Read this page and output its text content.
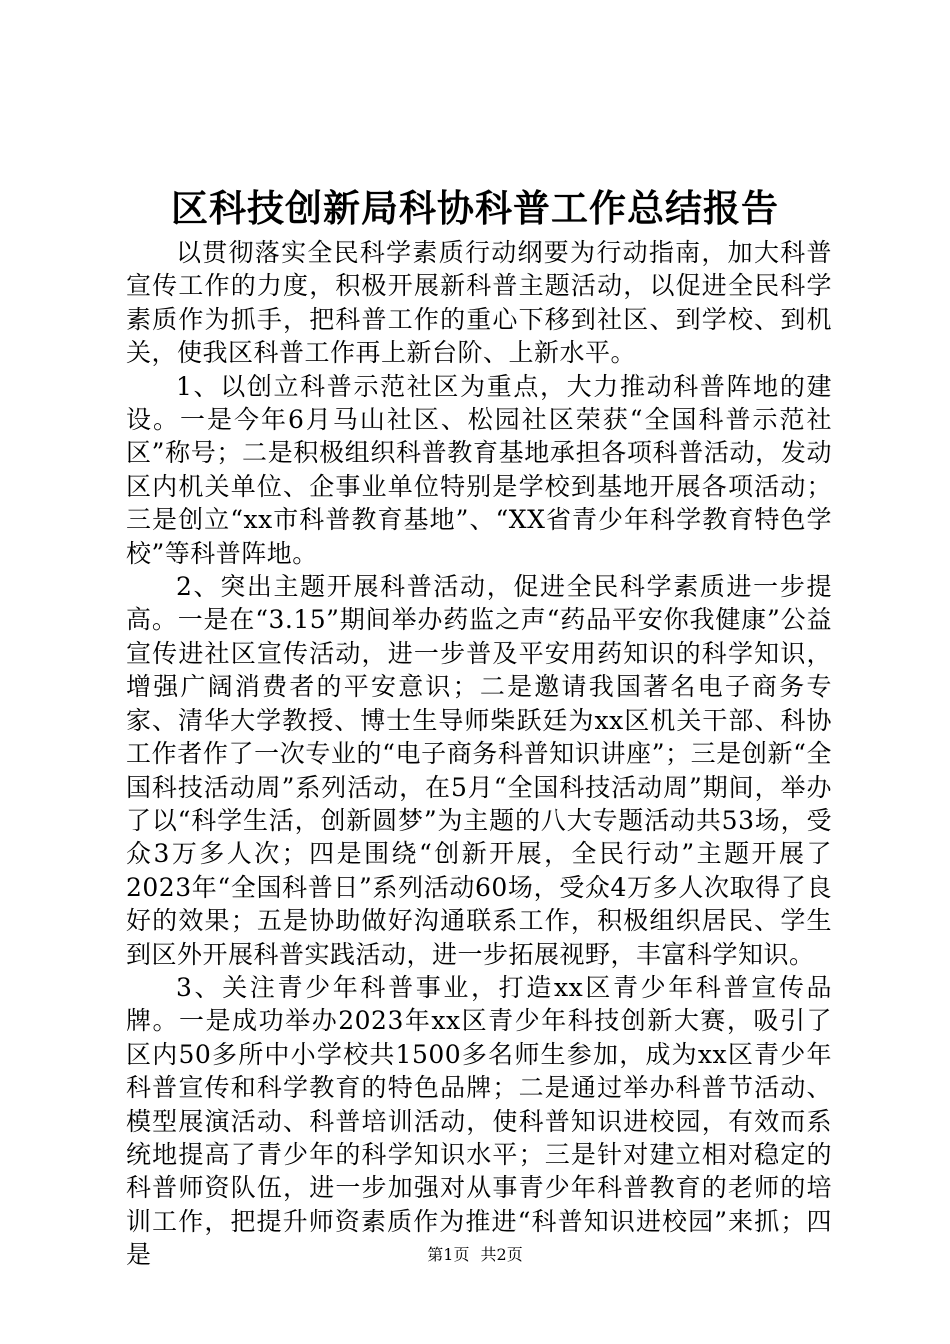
区科技创新局科协科普工作总结报告

以贯彻落实全民科学素质行动纲要为行动指南，加大科普宣传工作的力度，积极开展新科普主题活动，以促进全民科学素质作为抓手，把科普工作的重心下移到社区、到学校、到机关，使我区科普工作再上新台阶、上新水平。

1、以创立科普示范社区为重点，大力推动科普阵地的建设。一是今年6月马山社区、松园社区荣获“全国科普示范社区”称号；二是积极组织科普教育基地承担各项科普活动，发动区内机关单位、企事业单位特别是学校到基地开展各项活动；三是创立“xx市科普教育基地”、“XX省青少年科学教育特色学校”等科普阵地。

2、突出主题开展科普活动，促进全民科学素质进一步提高。一是在“3.15”期间举办药监之声“药品平安你我健康”公益宣传进社区宣传活动，进一步普及平安用药知识的科学知识，增强广阔消费者的平安意识；二是邀请我国著名电子商务专家、清华大学教授、博士生导师柴跃廷为xx区机关干部、科协工作者作了一次专业的“电子商务科普知识讲座”；三是创新“全国科技活动周”系列活动，在5月“全国科技活动周”期间，举办了以“科学生活，创新圆梦”为主题的八大专题活动共53场，受众3万多人次；四是围绕“创新开展，全民行动”主题开展了2023年“全国科普日”系列活动60场，受众4万多人次取得了良好的效果；五是协助做好沟通联系工作，积极组织居民、学生到区外开展科普实践活动，进一步拓展视野，丰富科学知识。

3、关注青少年科普事业，打造xx区青少年科普宣传品牌。一是成功举办2023年xx区青少年科技创新大赛，吸引了区内50多所中小学校共1500多名师生参加，成为xx区青少年科普宣传和科学教育的特色品牌；二是通过举办科普节活动、模型展演活动、科普培训活动，使科普知识进校园，有效而系统地提高了青少年的科学知识水平；三是针对建立相对稳定的科普师资队伍，进一步加强对从事青少年科普教育的老师的培训工作，把提升师资素质作为推进“科普知识进校园”来抓；四是	第1页 共2页
